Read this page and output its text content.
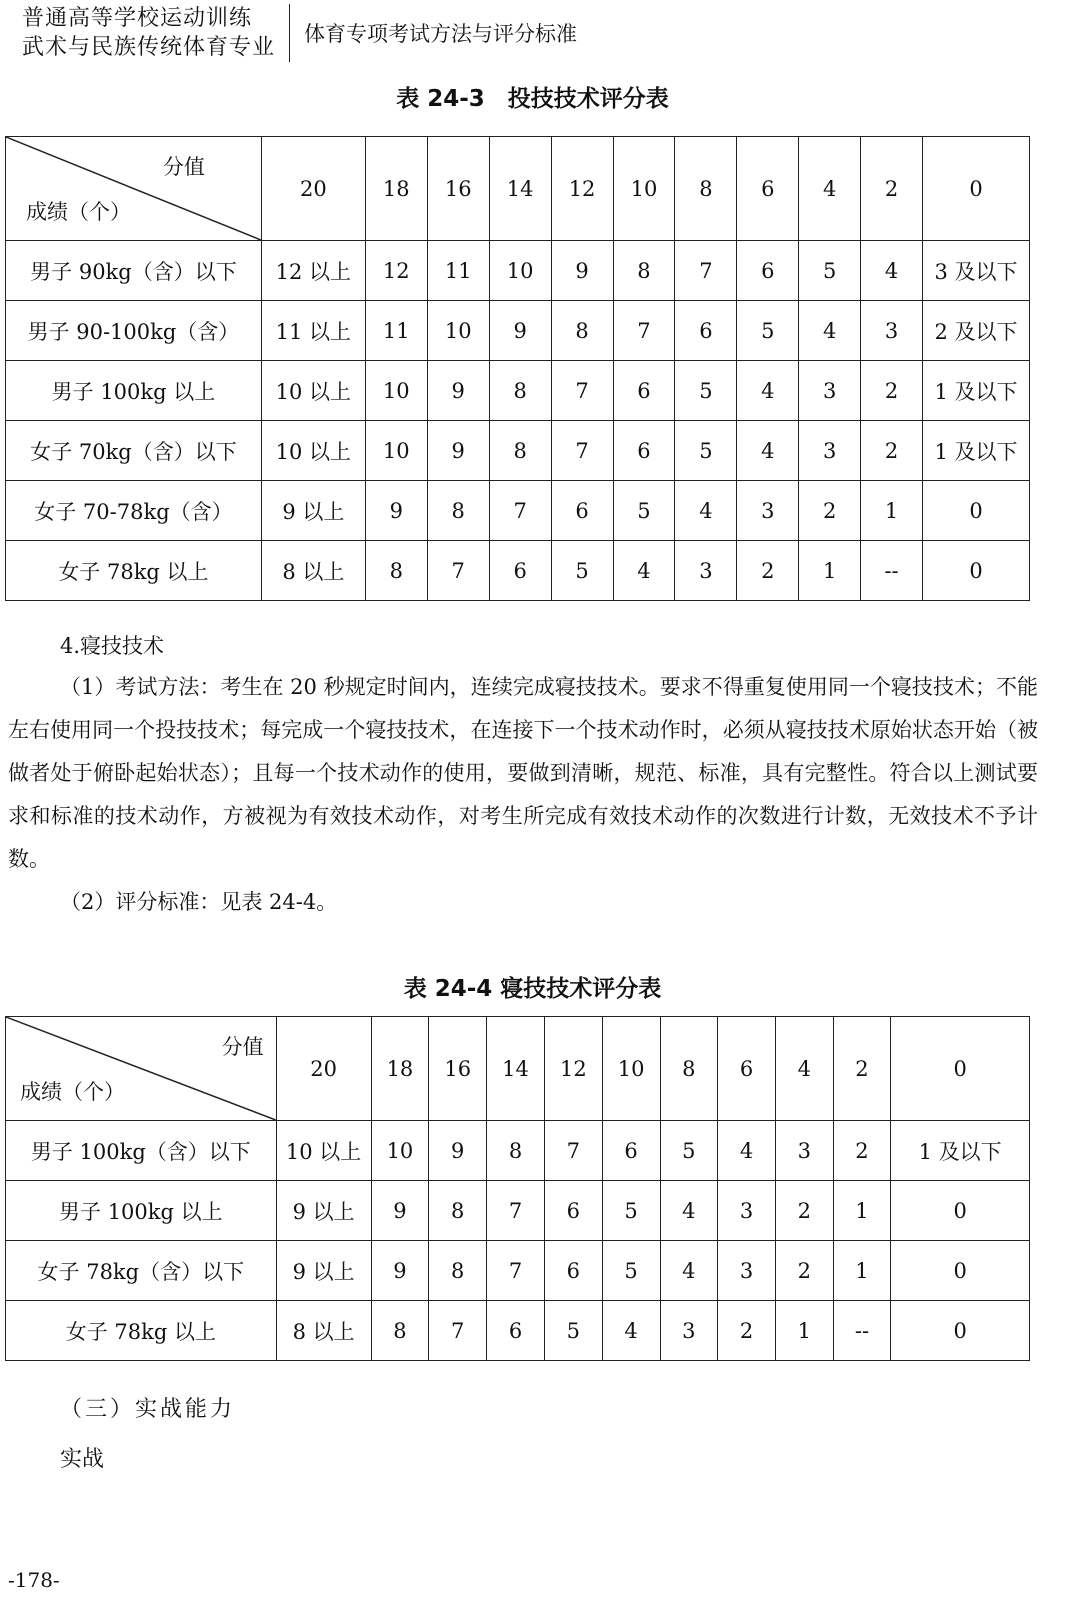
普通高等学校运动训练
武术与民族传统体育专业
体育专项考试方法与评分标准
表 24-3　投技技术评分表
分值
成绩（个）	20	18	16	14	12	10	8	6	4	2	0
男子 90kg（含）以下	12 以上	12	11	10	9	8	7	6	5	4	3 及以下
男子 90-100kg（含）	11 以上	11	10	9	8	7	6	5	4	3	2 及以下
男子 100kg 以上	10 以上	10	9	8	7	6	5	4	3	2	1 及以下
女子 70kg（含）以下	10 以上	10	9	8	7	6	5	4	3	2	1 及以下
女子 70-78kg（含）	9 以上	9	8	7	6	5	4	3	2	1	0
女子 78kg 以上	8 以上	8	7	6	5	4	3	2	1	--	0
4.寝技技术
（1）考试方法：考生在 20 秒规定时间内，连续完成寝技技术。要求不得重复使用同一个寝技技术；不能左右使用同一个投技技术；每完成一个寝技技术，在连接下一个技术动作时，必须从寝技技术原始状态开始（被做者处于俯卧起始状态）；且每一个技术动作的使用，要做到清晰，规范、标准，具有完整性。符合以上测试要求和标准的技术动作，方被视为有效技术动作，对考生所完成有效技术动作的次数进行计数，无效技术不予计数。
（2）评分标准：见表 24-4。
表 24-4 寝技技术评分表
分值
成绩（个）	20	18	16	14	12	10	8	6	4	2	0
男子 100kg（含）以下	10 以上	10	9	8	7	6	5	4	3	2	1 及以下
男子 100kg 以上	9 以上	9	8	7	6	5	4	3	2	1	0
女子 78kg（含）以下	9 以上	9	8	7	6	5	4	3	2	1	0
女子 78kg 以上	8 以上	8	7	6	5	4	3	2	1	--	0
（三）实战能力
实战
-178-
